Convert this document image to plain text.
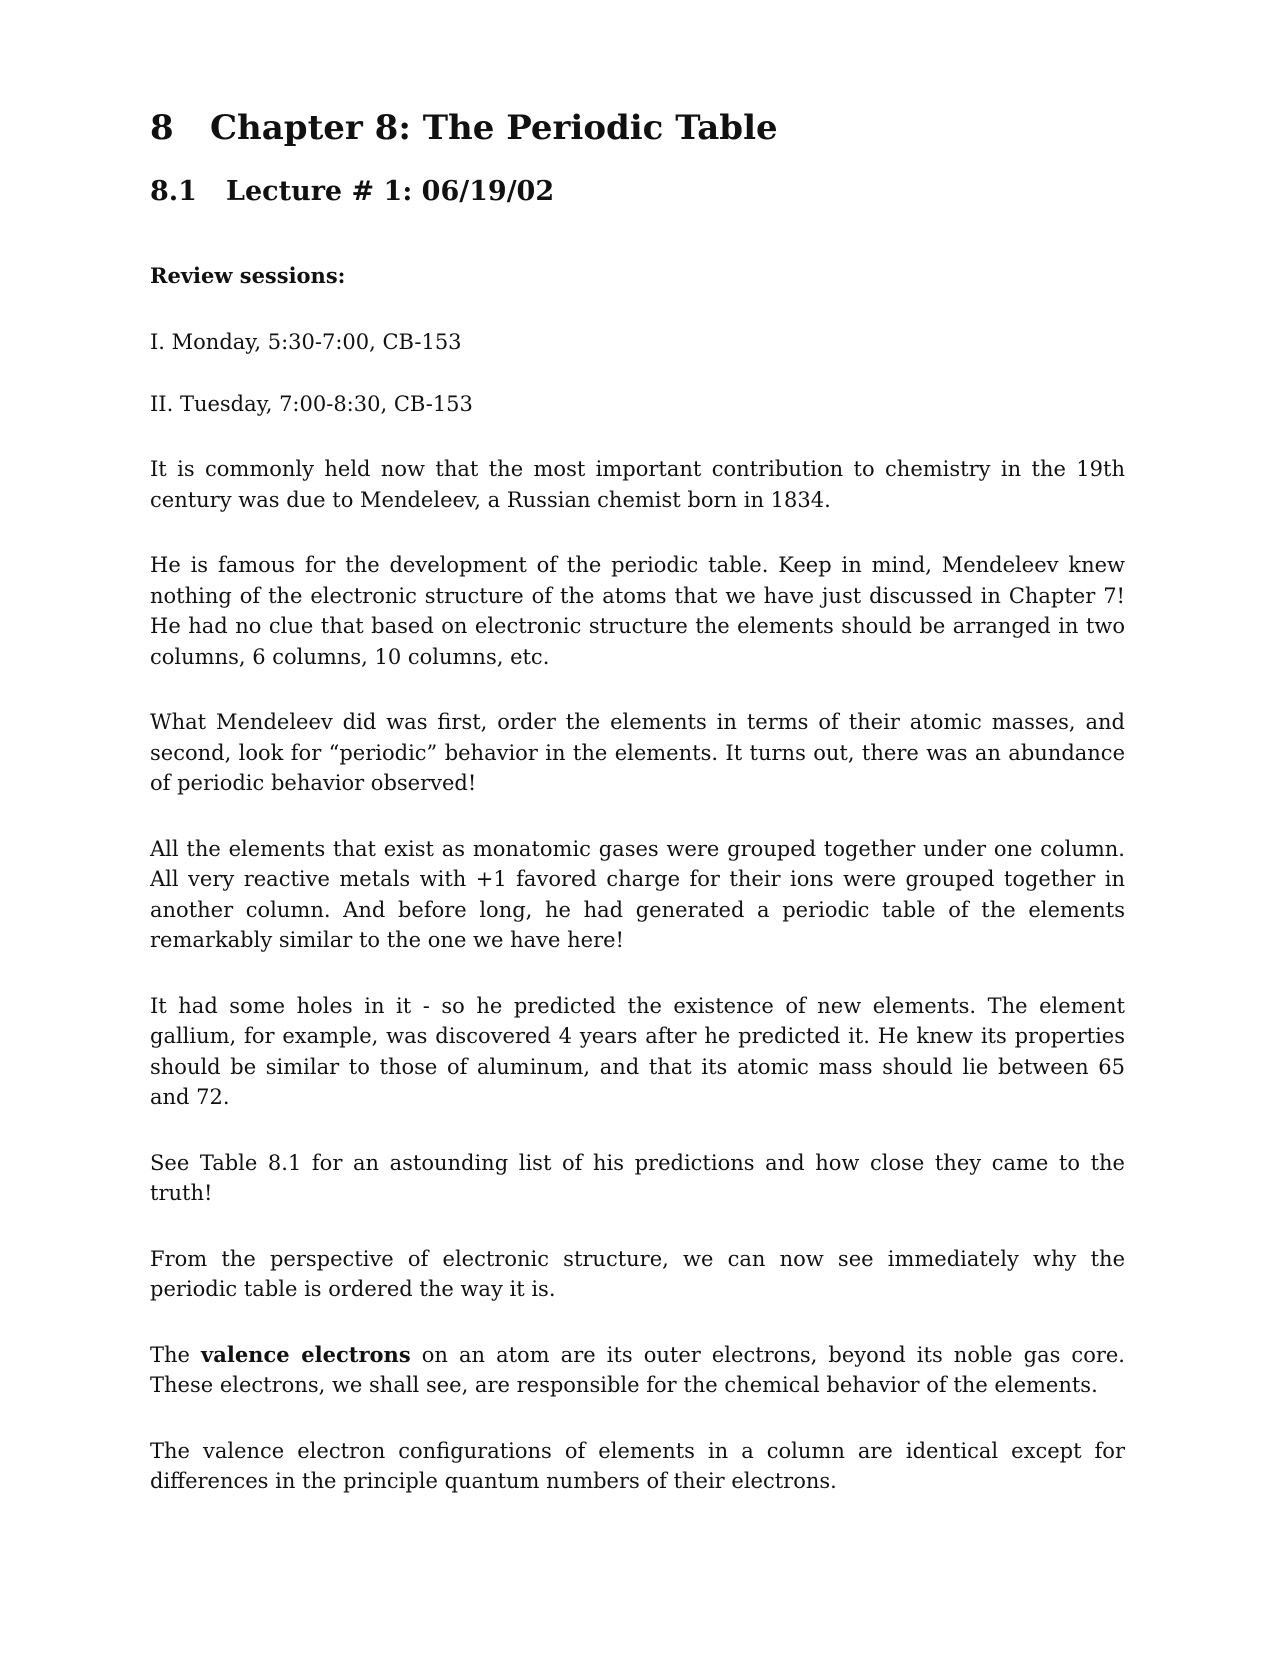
8	Chapter 8: The Periodic Table
8.1	Lecture # 1: 06/19/02
Review sessions:
I. Monday, 5:30-7:00, CB-153
II. Tuesday, 7:00-8:30, CB-153

It is commonly held now that the most important contribution to chemistry in the 19th century was due to Mendeleev, a Russian chemist born in 1834.

He is famous for the development of the periodic table. Keep in mind, Mendeleev knew nothing of the electronic structure of the atoms that we have just discussed in Chapter 7! He had no clue that based on electronic structure the elements should be arranged in two columns, 6 columns, 10 columns, etc.

What Mendeleev did was first, order the elements in terms of their atomic masses, and second, look for “periodic” behavior in the elements. It turns out, there was an abundance of periodic behavior observed!

All the elements that exist as monatomic gases were grouped together under one column. All very reactive metals with +1 favored charge for their ions were grouped together in another column. And before long, he had generated a periodic table of the elements remarkably similar to the one we have here!

It had some holes in it - so he predicted the existence of new elements. The element gallium, for example, was discovered 4 years after he predicted it. He knew its properties should be similar to those of aluminum, and that its atomic mass should lie between 65 and 72.

See Table 8.1 for an astounding list of his predictions and how close they came to the truth!

From the perspective of electronic structure, we can now see immediately why the periodic table is ordered the way it is.

The valence electrons on an atom are its outer electrons, beyond its noble gas core. These electrons, we shall see, are responsible for the chemical behavior of the elements.

The valence electron configurations of elements in a column are identical except for differences in the principle quantum numbers of their electrons.
